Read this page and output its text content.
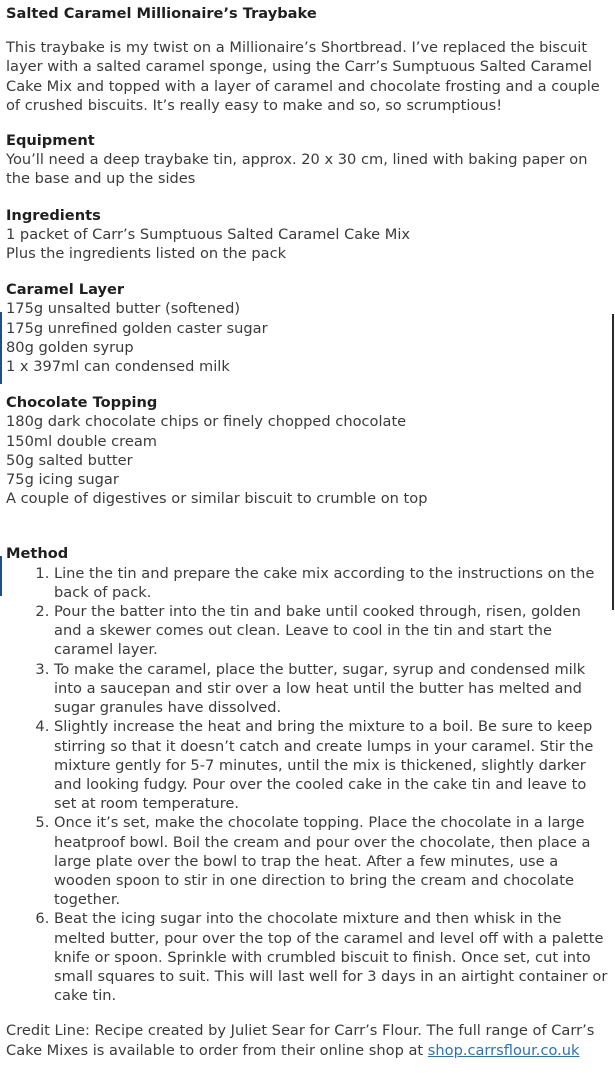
Salted Caramel Millionaire’s Traybake

This traybake is my twist on a Millionaire’s Shortbread. I’ve replaced the biscuit layer with a salted caramel sponge, using the Carr’s Sumptuous Salted Caramel Cake Mix and topped with a layer of caramel and chocolate frosting and a couple of crushed biscuits. It’s really easy to make and so, so scrumptious!

Equipment
You’ll need a deep traybake tin, approx. 20 x 30 cm, lined with baking paper on the base and up the sides
Ingredients
1 packet of Carr’s Sumptuous Salted Caramel Cake Mix
Plus the ingredients listed on the pack
Caramel Layer
175g unsalted butter (softened)
175g unrefined golden caster sugar
80g golden syrup
1 x 397ml can condensed milk
Chocolate Topping
180g dark chocolate chips or finely chopped chocolate
150ml double cream
50g salted butter
75g icing sugar
A couple of digestives or similar biscuit to crumble on top
Method
1. Line the tin and prepare the cake mix according to the instructions on the back of pack.
2. Pour the batter into the tin and bake until cooked through, risen, golden and a skewer comes out clean. Leave to cool in the tin and start the caramel layer.
3. To make the caramel, place the butter, sugar, syrup and condensed milk into a saucepan and stir over a low heat until the butter has melted and sugar granules have dissolved.
4. Slightly increase the heat and bring the mixture to a boil. Be sure to keep stirring so that it doesn’t catch and create lumps in your caramel. Stir the mixture gently for 5-7 minutes, until the mix is thickened, slightly darker and looking fudgy. Pour over the cooled cake in the cake tin and leave to set at room temperature.
5. Once it’s set, make the chocolate topping. Place the chocolate in a large heatproof bowl. Boil the cream and pour over the chocolate, then place a large plate over the bowl to trap the heat. After a few minutes, use a wooden spoon to stir in one direction to bring the cream and chocolate together.
6. Beat the icing sugar into the chocolate mixture and then whisk in the melted butter, pour over the top of the caramel and level off with a palette knife or spoon. Sprinkle with crumbled biscuit to finish. Once set, cut into small squares to suit. This will last well for 3 days in an airtight container or cake tin.

Credit Line: Recipe created by Juliet Sear for Carr’s Flour. The full range of Carr’s Cake Mixes is available to order from their online shop at shop.carrsflour.co.uk
